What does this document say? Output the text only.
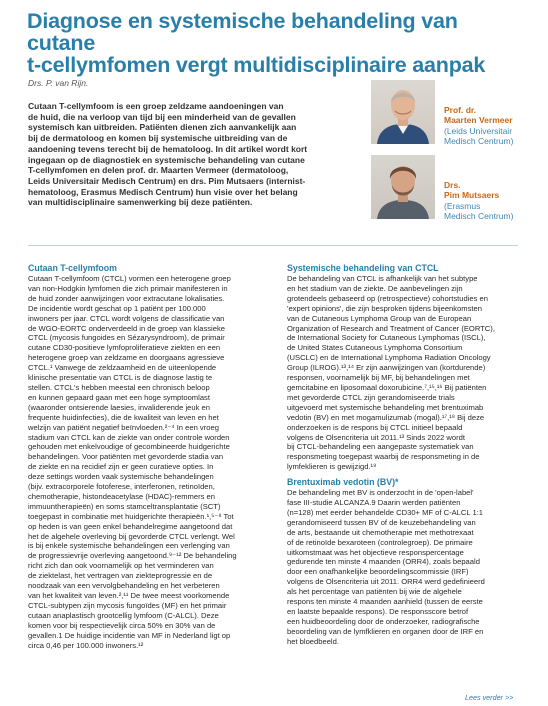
Diagnose en systemische behandeling van cutane
t-cellymfomen vergt multidisciplinaire aanpak

Drs. P. van Rijn.

Cutaan T-cellymfoom is een groep zeldzame aandoeningen van
de huid, die na verloop van tijd bij een minderheid van de gevallen
systemisch kan uitbreiden. Patiënten dienen zich aanvankelijk aan
bij de dermatoloog en komen bij systemische uitbreiding van de
aandoening tevens terecht bij de hematoloog. In dit artikel wordt kort
ingegaan op de diagnostiek en systemische behandeling van cutane
T-cellymfomen en delen prof. dr. Maarten Vermeer (dermatoloog,
Leids Universitair Medisch Centrum) en drs. Pim Mutsaers (internist-
hematoloog, Erasmus Medisch Centrum) hun visie over het belang
van multidisciplinaire samenwerking bij deze patiënten.
Prof. dr.
Maarten Vermeer
(Leids Universitair
Medisch Centrum)
Drs.
Pim Mutsaers
(Erasmus
Medisch Centrum)
Cutaan T-cellymfoom
Cutaan T-cellymfoom (CTCL) vormen een heterogene groep
van non-Hodgkin lymfomen die zich primair manifesteren in
de huid zonder aanwijzingen voor extracutane lokalisaties.
De incidentie wordt geschat op 1 patiënt per 100.000
inwoners per jaar. CTCL wordt volgens de classificatie van
de WGO-EORTC onderverdeeld in de groep van klassieke
CTCL (mycosis fungoides en Sézarysyndroom), de primair
cutane CD30-positieve lymfoproliferatieve ziekten en een
heterogene groep van zeldzame en doorgaans agressieve
CTCL.¹ Vanwege de zeldzaamheid en de uiteenlopende
klinische presentatie van CTCL is de diagnose lastig te
stellen. CTCL's hebben meestal een chronisch beloop
en kunnen gepaard gaan met een hoge symptoomlast
(waaronder ontsierende laesies, invaliderende jeuk en
frequente huidinfecties), die de kwaliteit van leven en het
welzijn van patiënt negatief beïnvloeden.²⁻⁴ In een vroeg
stadium van CTCL kan de ziekte van onder controle worden
gehouden met enkelvoudige of gecombineerde huidgerichte
behandelingen. Voor patiënten met gevorderde stadia van
de ziekte en na recidief zijn er geen curatieve opties. In
deze settings worden vaak systemische behandelingen
(bijv. extracorporele fotoferese, interferonen, retinoïden,
chemotherapie, histondeacetylase (HDAC)-remmers en
immuuntherapieën) en soms stamceltransplantatie (SCT)
toegepast in combinatie met huidgerichte therapieën.¹,⁵⁻⁸ Tot
op heden is van geen enkel behandelregime aangetoond dat
het de algehele overleving bij gevorderde CTCL verlengt. Wel
is bij enkele systemische behandelingen een verlenging van
de progressievrije overleving aangetoond.⁹⁻¹² De behandeling
richt zich dan ook voornamelijk op het verminderen van
de ziektelast, het vertragen van ziekteprogressie en de
noodzaak van een vervolgbehandeling en het verbeteren
van het kwaliteit van leven.²,¹¹ De twee meest voorkomende
CTCL-subtypen zijn mycosis fungoïdes (MF) en het primair
cutaan anaplastisch grootcellig lymfoom (C-ALCL). Deze
komen voor bij respectievelijk circa 50% en 30% van de
gevallen.1 De huidige incidentie van MF in Nederland ligt op
circa 0,46 per 100.000 inwoners.¹²
Systemische behandeling van CTCL
De behandeling van CTCL is afhankelijk van het subtype
en het stadium van de ziekte. De aanbevelingen zijn
grotendeels gebaseerd op (retrospectieve) cohortstudies en
'expert opinions', die zijn besproken tijdens bijeenkomsten
van de Cutaneous Lymphoma Group van de European
Organization of Research and Treatment of Cancer (EORTC),
de International Society for Cutaneous Lymphomas (ISCL),
de United States Cutaneous Lymphoma Consortium
(USCLC) en de International Lymphoma Radiation Oncology
Group (ILROG).¹³,¹⁴ Er zijn aanwijzingen van (kortdurende)
responsen, voornamelijk bij MF, bij behandelingen met
gemcitabine en liposomaal doxorubicine.⁷,¹⁵,¹⁶ Bij patiënten
met gevorderde CTCL zijn gerandomiseerde trials
uitgevoerd met systemische behandeling met brentuximab
vedotin (BV) en met mogamulizumab (mogal).¹⁷,¹⁸ Bij deze
onderzoeken is de respons bij CTCL initieel bepaald
volgens de Olsencriteria uit 2011.¹³ Sinds 2022 wordt
bij CTCL-behandeling een aangepaste systematiek van
responsmeting toegepast waarbij de responsmeting in de
lymfeklieren is gewijzigd.¹⁹
Brentuximab vedotin (BV)*
De behandeling met BV is onderzocht in de 'open-label'
fase III-studie ALCANZA.9 Daarin werden patiënten
(n=128) met eerder behandelde CD30+ MF of C-ALCL 1:1
gerandomiseerd tussen BV of de keuzebehandeling van
de arts, bestaande uit chemotherapie met methotrexaat
of de retinoïde bexaroteen (controlegroep). De primaire
uitkomstmaat was het objectieve responspercentage
gedurende ten minste 4 maanden (ORR4), zoals bepaald
door een onafhankelijke beoordelingscommissie (IRF)
volgens de Olsencriteria uit 2011. ORR4 werd gedefinieerd
als het percentage van patiënten bij wie de algehele
respons ten minste 4 maanden aanhield (tussen de eerste
en laatste bepaalde respons). De responsscore betrof
een huidbeoordeling door de onderzoeker, radiografische
beoordeling van de lymfklieren en organen door de IRF en
het bloedbeeld.
Lees verder >>
